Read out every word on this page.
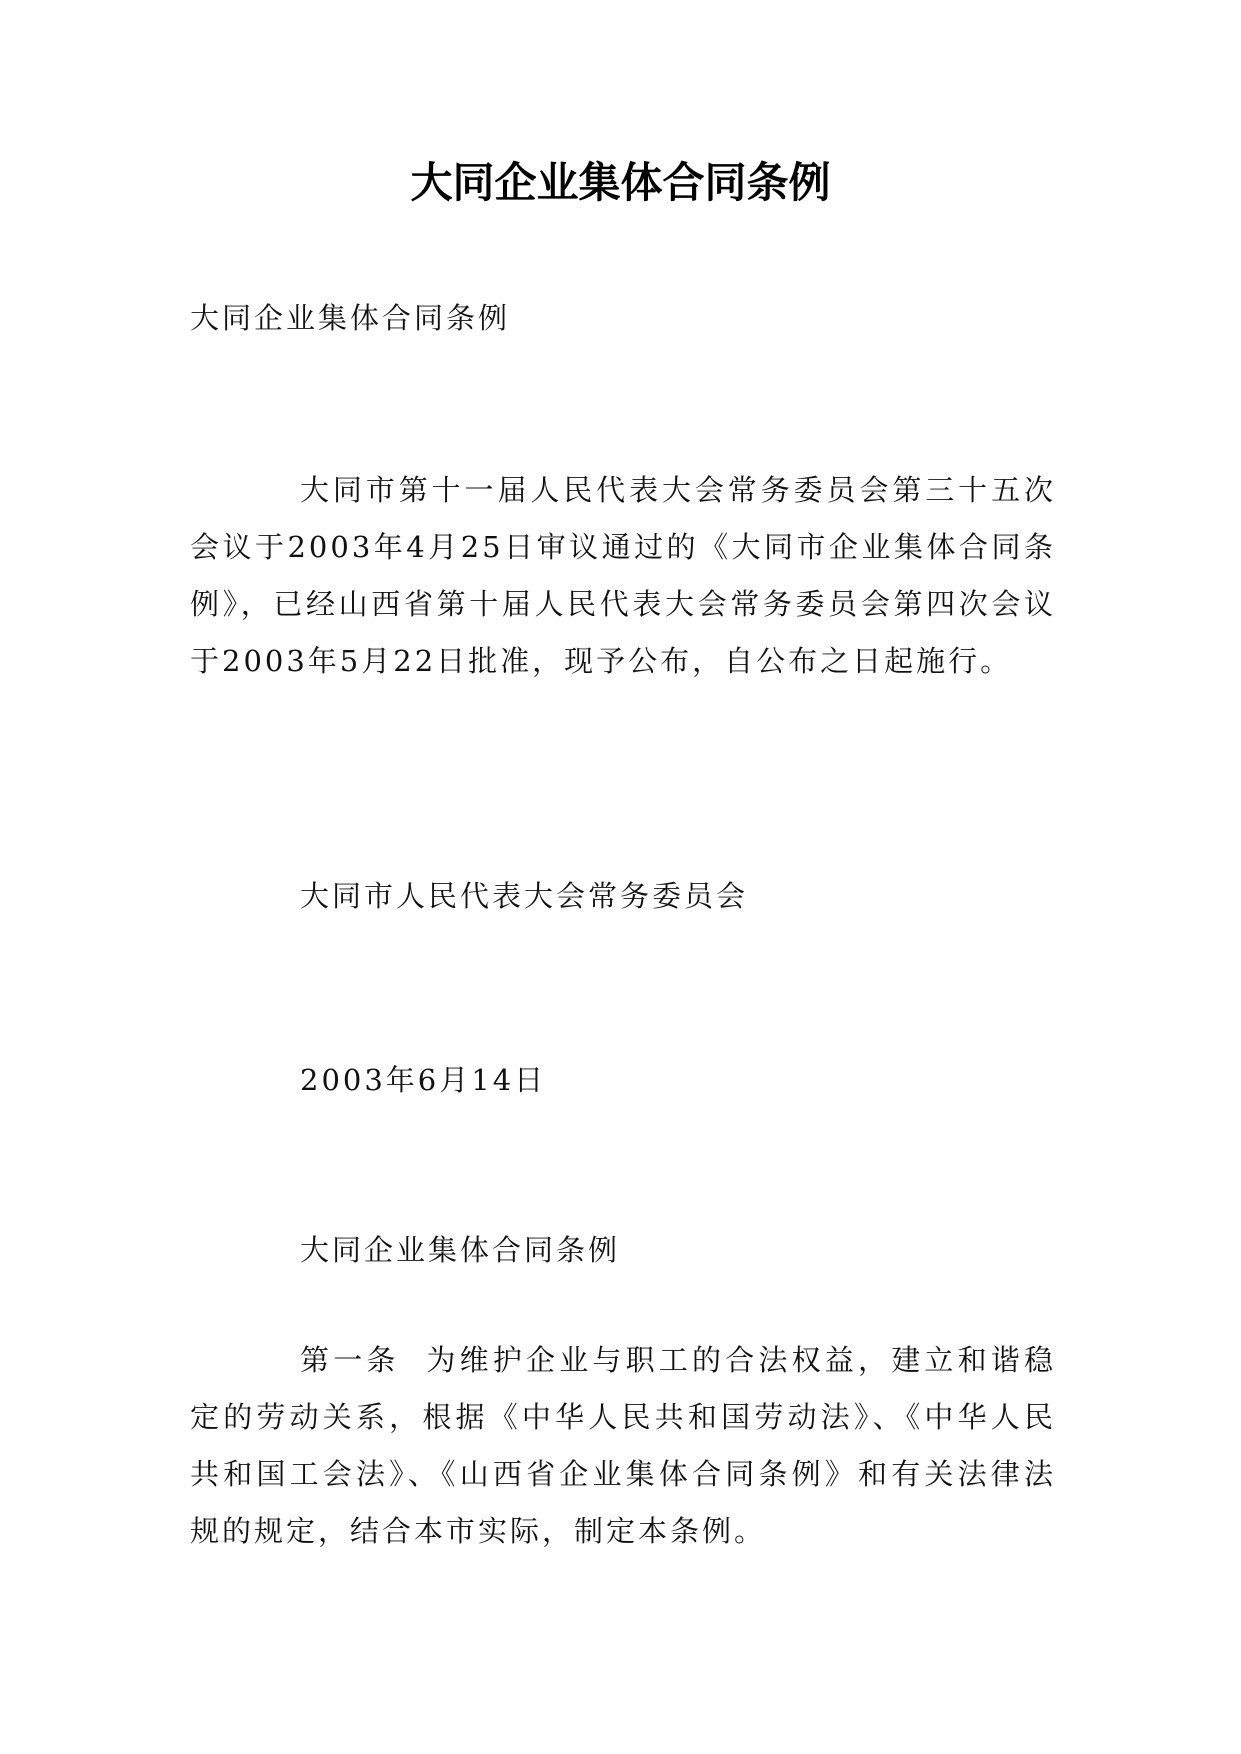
大同企业集体合同条例

大同企业集体合同条例

大同市第十一届人民代表大会常务委员会第三十五次会议于2003年4月25日审议通过的《大同市企业集体合同条例》，已经山西省第十届人民代表大会常务委员会第四次会议于2003年5月22日批准，现予公布，自公布之日起施行。

大同市人民代表大会常务委员会

2003年6月14日

大同企业集体合同条例

第一条  为维护企业与职工的合法权益，建立和谐稳定的劳动关系，根据《中华人民共和国劳动法》、《中华人民共和国工会法》、《山西省企业集体合同条例》和有关法律法规的规定，结合本市实际，制定本条例。
